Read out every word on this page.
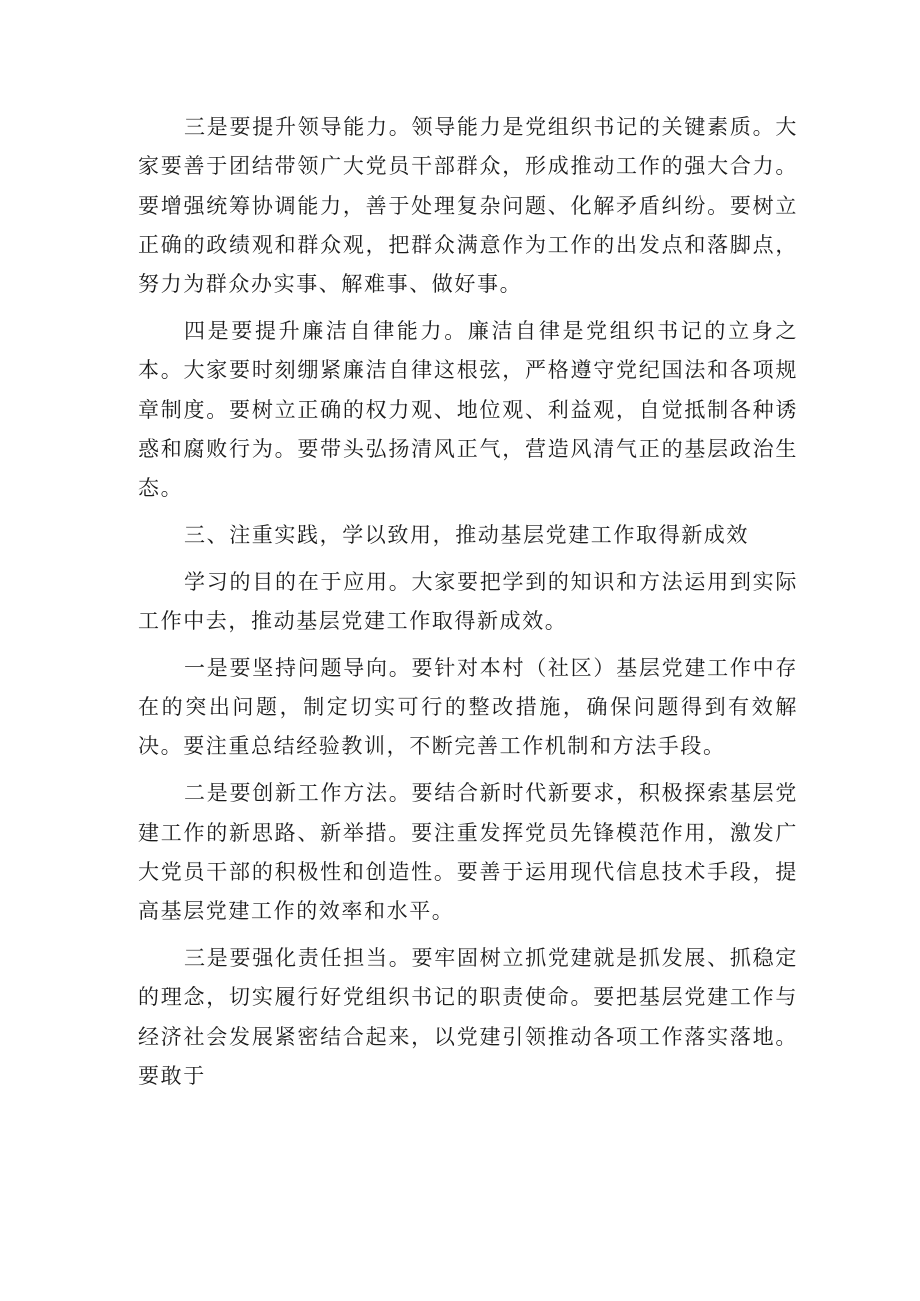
三是要提升领导能力。领导能力是党组织书记的关键素质。大家要善于团结带领广大党员干部群众，形成推动工作的强大合力。要增强统筹协调能力，善于处理复杂问题、化解矛盾纠纷。要树立正确的政绩观和群众观，把群众满意作为工作的出发点和落脚点，努力为群众办实事、解难事、做好事。

四是要提升廉洁自律能力。廉洁自律是党组织书记的立身之本。大家要时刻绷紧廉洁自律这根弦，严格遵守党纪国法和各项规章制度。要树立正确的权力观、地位观、利益观，自觉抵制各种诱惑和腐败行为。要带头弘扬清风正气，营造风清气正的基层政治生态。

三、注重实践，学以致用，推动基层党建工作取得新成效

学习的目的在于应用。大家要把学到的知识和方法运用到实际工作中去，推动基层党建工作取得新成效。

一是要坚持问题导向。要针对本村（社区）基层党建工作中存在的突出问题，制定切实可行的整改措施，确保问题得到有效解决。要注重总结经验教训，不断完善工作机制和方法手段。

二是要创新工作方法。要结合新时代新要求，积极探索基层党建工作的新思路、新举措。要注重发挥党员先锋模范作用，激发广大党员干部的积极性和创造性。要善于运用现代信息技术手段，提高基层党建工作的效率和水平。

三是要强化责任担当。要牢固树立抓党建就是抓发展、抓稳定的理念，切实履行好党组织书记的职责使命。要把基层党建工作与经济社会发展紧密结合起来，以党建引领推动各项工作落实落地。要敢于
